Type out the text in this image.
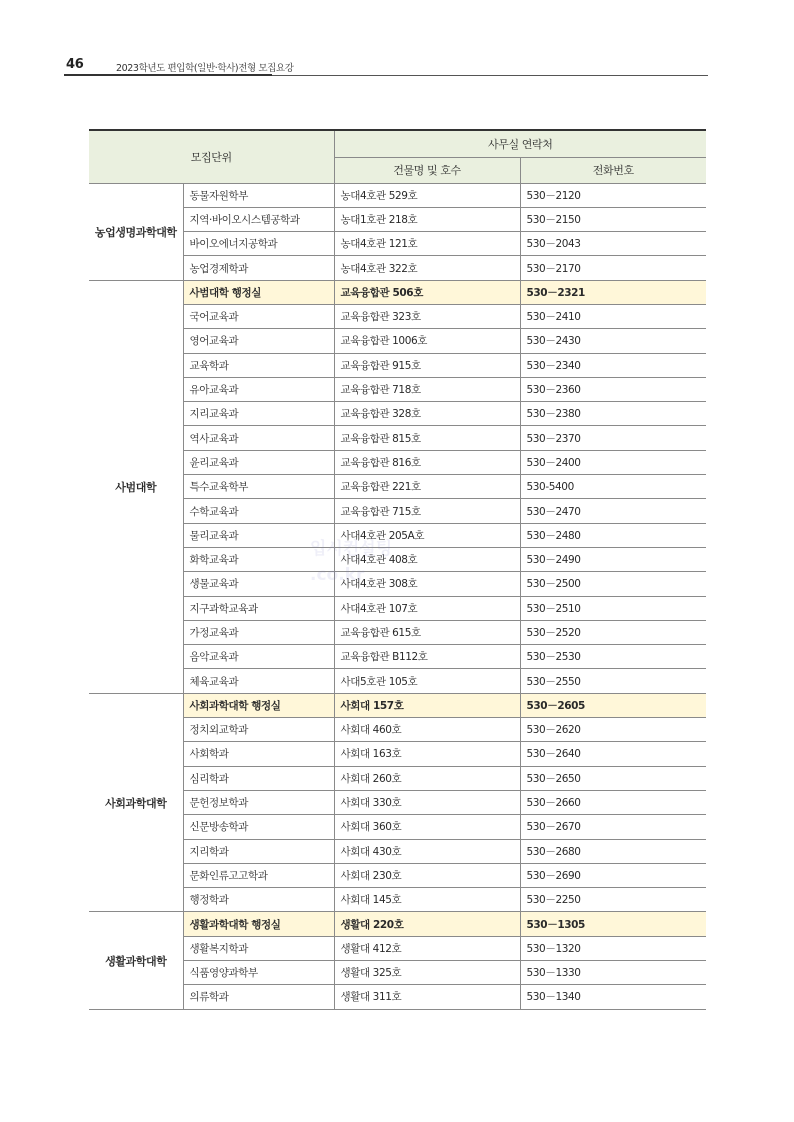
46	2023학년도 편입학(일반·학사)전형 모집요강
모집단위		사무실 연락처	
		건물명 및 호수	전화번호
농업생명과학대학	동물자원학부	농대4호관 529호	530－2120
	지역·바이오시스템공학과	농대1호관 218호	530－2150
	바이오에너지공학과	농대4호관 121호	530－2043
	농업경제학과	농대4호관 322호	530－2170
사범대학	사범대학 행정실	교육융합관 506호	530－2321
	국어교육과	교육융합관 323호	530－2410
	영어교육과	교육융합관 1006호	530－2430
	교육학과	교육융합관 915호	530－2340
	유아교육과	교육융합관 718호	530－2360
	지리교육과	교육융합관 328호	530－2380
	역사교육과	교육융합관 815호	530－2370
	윤리교육과	교육융합관 816호	530－2400
	특수교육학부	교육융합관 221호	530-5400
	수학교육과	교육융합관 715호	530－2470
	물리교육과	사대4호관 205A호	530－2480
	화학교육과	사대4호관 408호	530－2490
	생물교육과	사대4호관 308호	530－2500
	지구과학교육과	사대4호관 107호	530－2510
	가정교육과	교육융합관 615호	530－2520
	음악교육과	교육융합관 B112호	530－2530
	체육교육과	사대5호관 105호	530－2550
사회과학대학	사회과학대학 행정실	사회대 157호	530－2605
	정치외교학과	사회대 460호	530－2620
	사회학과	사회대 163호	530－2640
	심리학과	사회대 260호	530－2650
	문헌정보학과	사회대 330호	530－2660
	신문방송학과	사회대 360호	530－2670
	지리학과	사회대 430호	530－2680
	문화인류고고학과	사회대 230호	530－2690
	행정학과	사회대 145호	530－2250
생활과학대학	생활과학대학 행정실	생활대 220호	530－1305
	생활복지학과	생활대 412호	530－1320
	식품영양과학부	생활대 325호	530－1330
	의류학과	생활대 311호	530－1340
입시컨설팅
.co.kr
